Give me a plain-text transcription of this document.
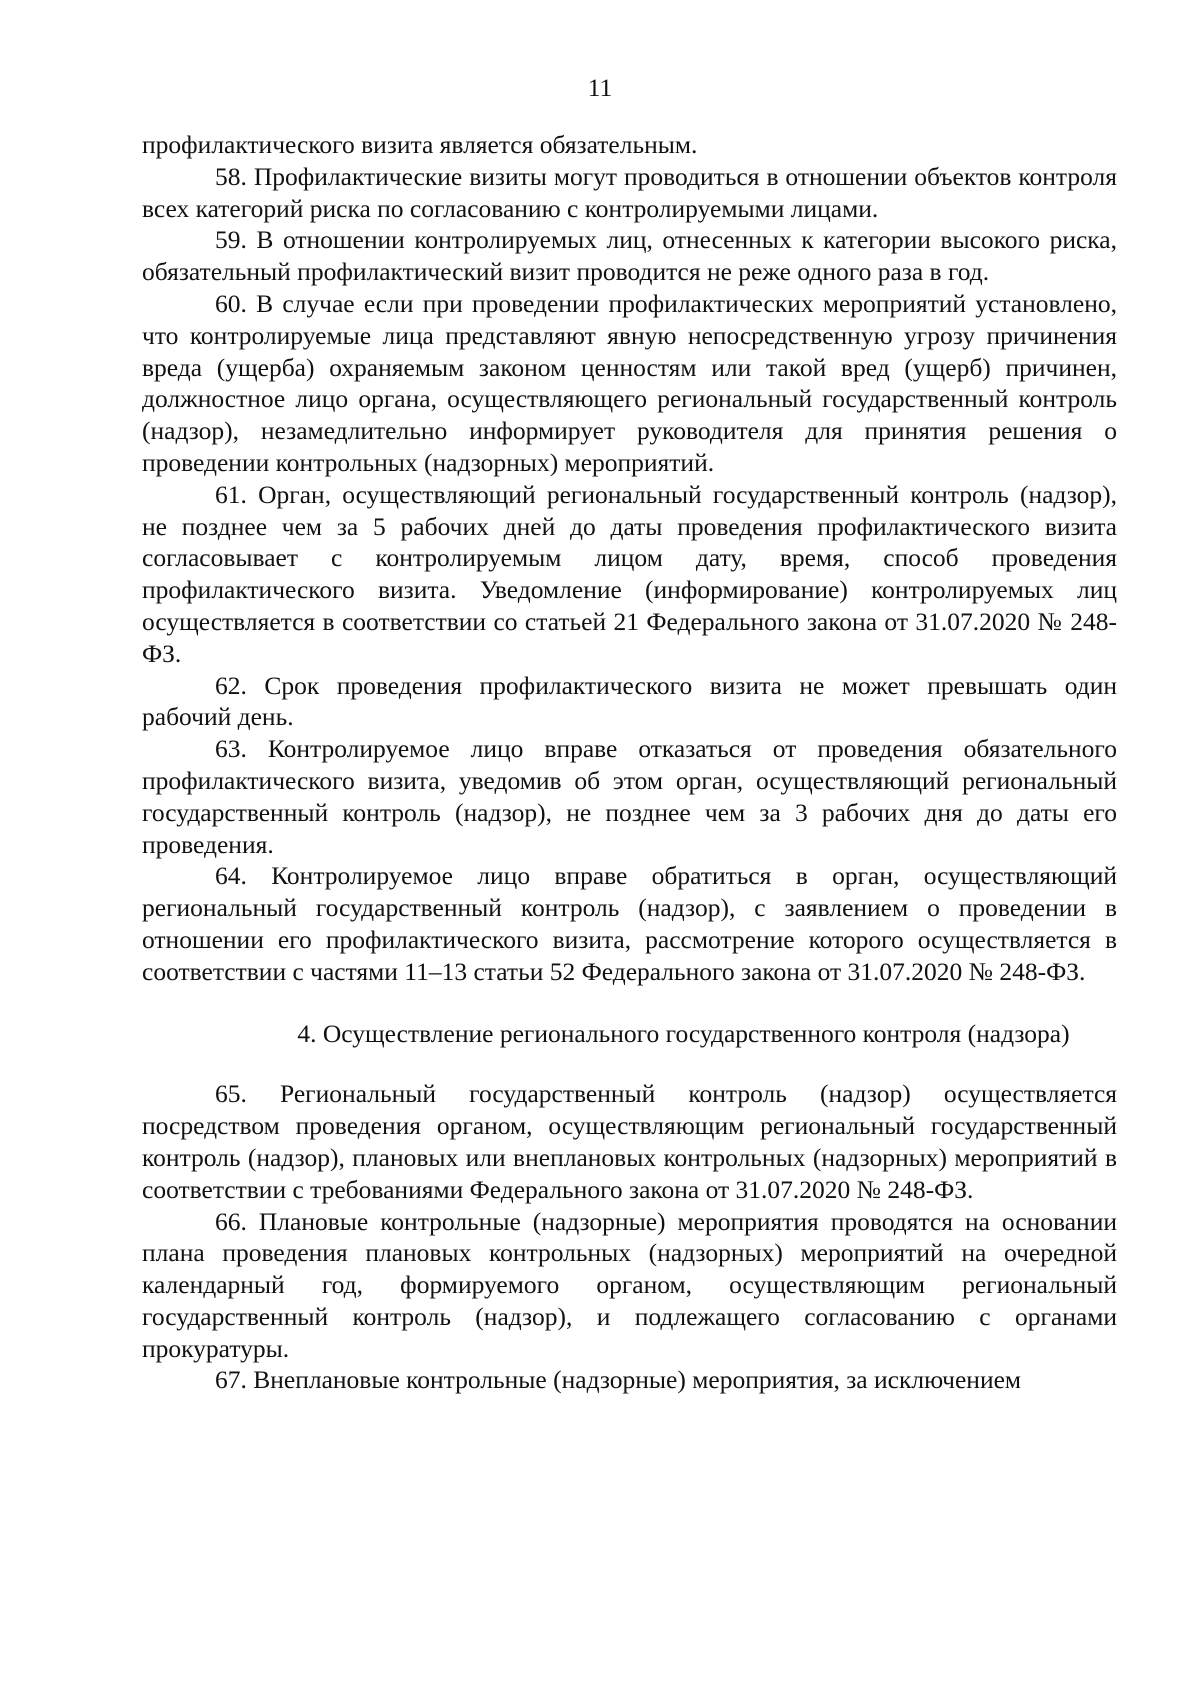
11

профилактического визита является обязательным.

58. Профилактические визиты могут проводиться в отношении объектов контроля всех категорий риска по согласованию с контролируемыми лицами.

59. В отношении контролируемых лиц, отнесенных к категории высокого риска, обязательный профилактический визит проводится не реже одного раза в год.

60. В случае если при проведении профилактических мероприятий установлено, что контролируемые лица представляют явную непосредственную угрозу причинения вреда (ущерба) охраняемым законом ценностям или такой вред (ущерб) причинен, должностное лицо органа, осуществляющего региональный государственный контроль (надзор), незамедлительно информирует руководителя для принятия решения о проведении контрольных (надзорных) мероприятий.

61. Орган, осуществляющий региональный государственный контроль (надзор), не позднее чем за 5 рабочих дней до даты проведения профилактического визита согласовывает с контролируемым лицом дату, время, способ проведения профилактического визита. Уведомление (информирование) контролируемых лиц осуществляется в соответствии со статьей 21 Федерального закона от 31.07.2020 № 248-ФЗ.

62. Срок проведения профилактического визита не может превышать один рабочий день.

63. Контролируемое лицо вправе отказаться от проведения обязательного профилактического визита, уведомив об этом орган, осуществляющий региональный государственный контроль (надзор), не позднее чем за 3 рабочих дня до даты его проведения.

64. Контролируемое лицо вправе обратиться в орган, осуществляющий региональный государственный контроль (надзор), с заявлением о проведении в отношении его профилактического визита, рассмотрение которого осуществляется в соответствии с частями 11–13 статьи 52 Федерального закона от 31.07.2020 № 248-ФЗ.

4. Осуществление регионального государственного контроля (надзора)

65. Региональный государственный контроль (надзор) осуществляется посредством проведения органом, осуществляющим региональный государственный контроль (надзор), плановых или внеплановых контрольных (надзорных) мероприятий в соответствии с требованиями Федерального закона от 31.07.2020 № 248-ФЗ.

66. Плановые контрольные (надзорные) мероприятия проводятся на основании плана проведения плановых контрольных (надзорных) мероприятий на очередной календарный год, формируемого органом, осуществляющим региональный государственный контроль (надзор), и подлежащего согласованию с органами прокуратуры.

67. Внеплановые контрольные (надзорные) мероприятия, за исключением
